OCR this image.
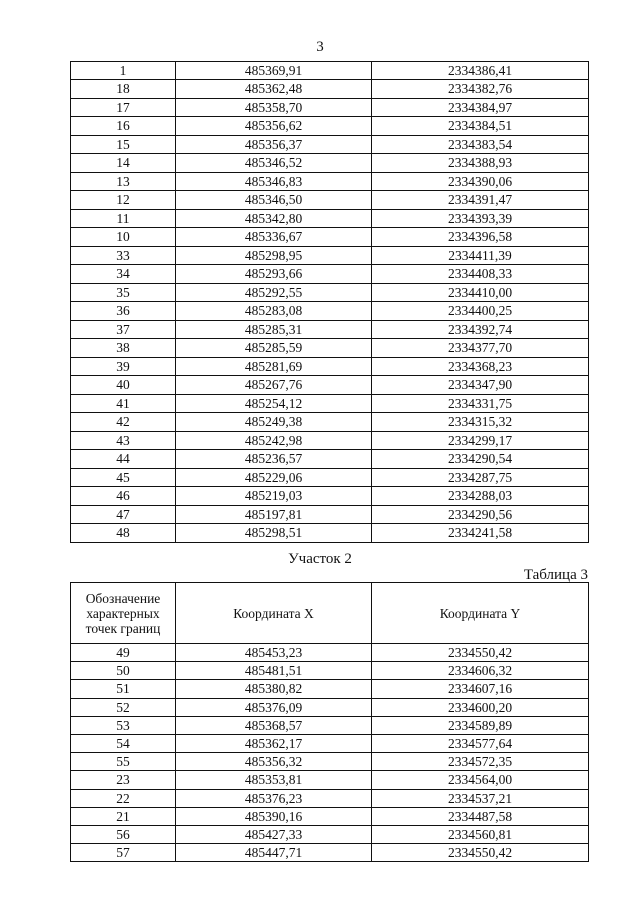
3
1	485369,91	2334386,41
18	485362,48	2334382,76
17	485358,70	2334384,97
16	485356,62	2334384,51
15	485356,37	2334383,54
14	485346,52	2334388,93
13	485346,83	2334390,06
12	485346,50	2334391,47
11	485342,80	2334393,39
10	485336,67	2334396,58
33	485298,95	2334411,39
34	485293,66	2334408,33
35	485292,55	2334410,00
36	485283,08	2334400,25
37	485285,31	2334392,74
38	485285,59	2334377,70
39	485281,69	2334368,23
40	485267,76	2334347,90
41	485254,12	2334331,75
42	485249,38	2334315,32
43	485242,98	2334299,17
44	485236,57	2334290,54
45	485229,06	2334287,75
46	485219,03	2334288,03
47	485197,81	2334290,56
48	485298,51	2334241,58
Участок 2
Таблица 3
Обозначение
характерных
точек границ	Координата X	Координата Y
49	485453,23	2334550,42
50	485481,51	2334606,32
51	485380,82	2334607,16
52	485376,09	2334600,20
53	485368,57	2334589,89
54	485362,17	2334577,64
55	485356,32	2334572,35
23	485353,81	2334564,00
22	485376,23	2334537,21
21	485390,16	2334487,58
56	485427,33	2334560,81
57	485447,71	2334550,42
